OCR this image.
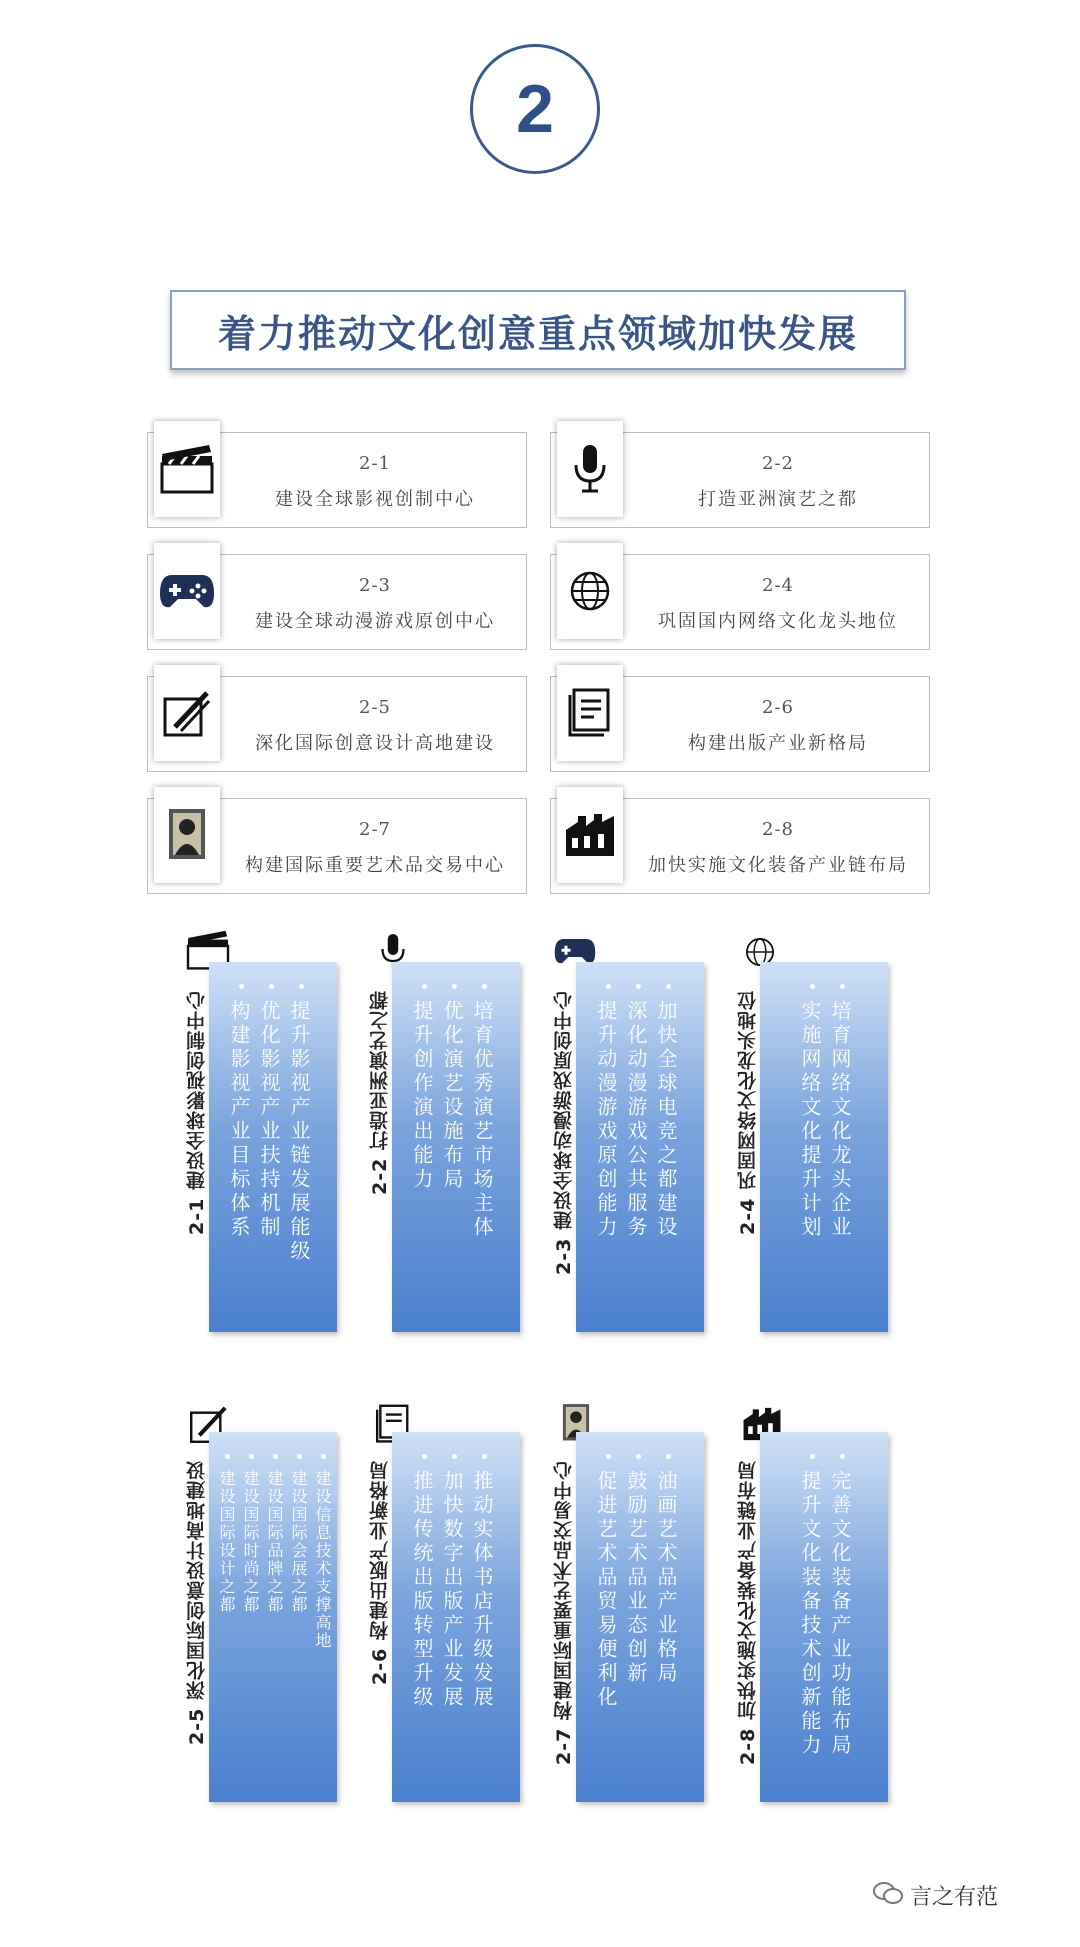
2
着力推动文化创意重点领域加快发展
2-1
建设全球影视创制中心
2-2
打造亚洲演艺之都
2-3
建设全球动漫游戏原创中心
2-4
巩固国内网络文化龙头地位
2-5
深化国际创意设计高地建设
2-6
构建出版产业新格局
2-7
构建国际重要艺术品交易中心
2-8
加快实施文化装备产业链布局
2-1 建设全球影视创制中心	提升影视产业链发展能级
优化影视产业扶持机制
构建影视产业目标体系	2-2 打造亚洲演艺之都	培育优秀演艺市场主体
优化演艺设施布局
提升创作演出能力	2-3 建设全球动漫游戏原创中心	加快全球电竞之都建设
深化动漫游戏公共服务
提升动漫游戏原创能力	2-4 巩固网络文化龙头地位	培育网络文化龙头企业
实施网络文化提升计划
2-5 深化国际创意设计高地建设	建设信息技术支撑高地
建设国际会展之都
建设国际品牌之都
建设国际时尚之都
建设国际设计之都	2-6 构建出版产业新格局	推动实体书店升级发展
加快数字出版产业发展
推进传统出版转型升级	2-7 构建国际重要艺术品交易中心	油画艺术品产业格局
鼓励艺术品业态创新
促进艺术品贸易便利化	2-8 加快实施文化装备产业链布局	完善文化装备产业功能布局
提升文化装备技术创新能力
言之有范
